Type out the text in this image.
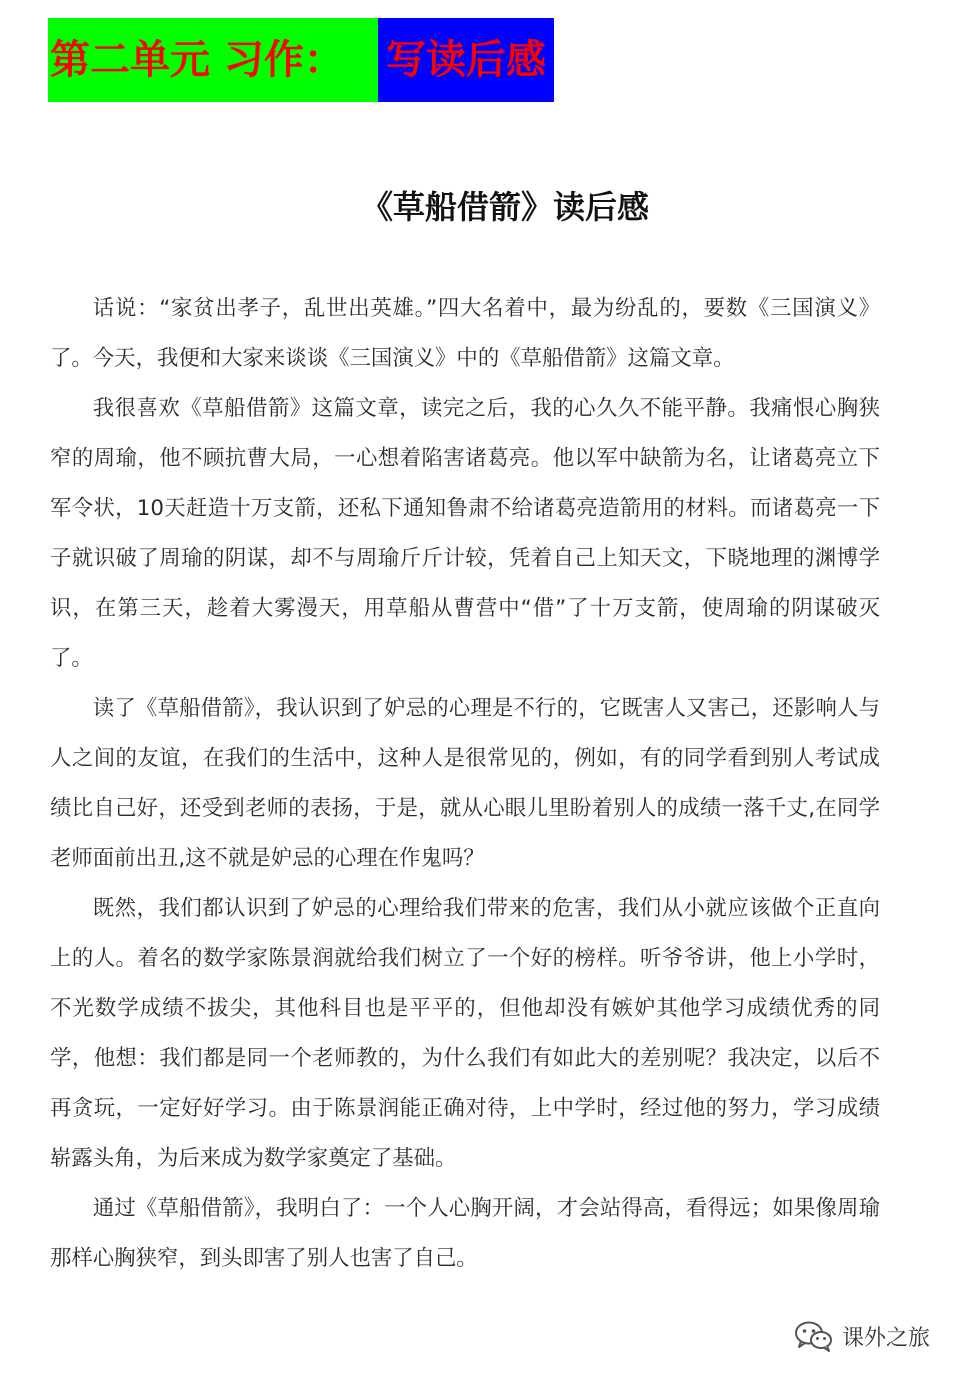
第二单元 习作：	写读后感
《草船借箭》读后感

话说：“家贫出孝子，乱世出英雄。”四大名着中，最为纷乱的，要数《三国演义》了。今天，我便和大家来谈谈《三国演义》中的《草船借箭》这篇文章。

我很喜欢《草船借箭》这篇文章，读完之后，我的心久久不能平静。我痛恨心胸狭窄的周瑜，他不顾抗曹大局，一心想着陷害诸葛亮。他以军中缺箭为名，让诸葛亮立下军令状，10天赶造十万支箭，还私下通知鲁肃不给诸葛亮造箭用的材料。而诸葛亮一下子就识破了周瑜的阴谋，却不与周瑜斤斤计较，凭着自己上知天文，下晓地理的渊博学识，在第三天，趁着大雾漫天，用草船从曹营中“借”了十万支箭，使周瑜的阴谋破灭了。

读了《草船借箭》，我认识到了妒忌的心理是不行的，它既害人又害己，还影响人与人之间的友谊，在我们的生活中，这种人是很常见的，例如，有的同学看到别人考试成绩比自己好，还受到老师的表扬，于是，就从心眼儿里盼着别人的成绩一落千丈,在同学老师面前出丑,这不就是妒忌的心理在作鬼吗？

既然，我们都认识到了妒忌的心理给我们带来的危害，我们从小就应该做个正直向上的人。着名的数学家陈景润就给我们树立了一个好的榜样。听爷爷讲，他上小学时，不光数学成绩不拔尖，其他科目也是平平的，但他却没有嫉妒其他学习成绩优秀的同学，他想：我们都是同一个老师教的，为什么我们有如此大的差别呢？我决定，以后不再贪玩，一定好好学习。由于陈景润能正确对待，上中学时，经过他的努力，学习成绩崭露头角，为后来成为数学家奠定了基础。

通过《草船借箭》，我明白了：一个人心胸开阔，才会站得高，看得远；如果像周瑜那样心胸狭窄，到头即害了别人也害了自己。

课外之旅
